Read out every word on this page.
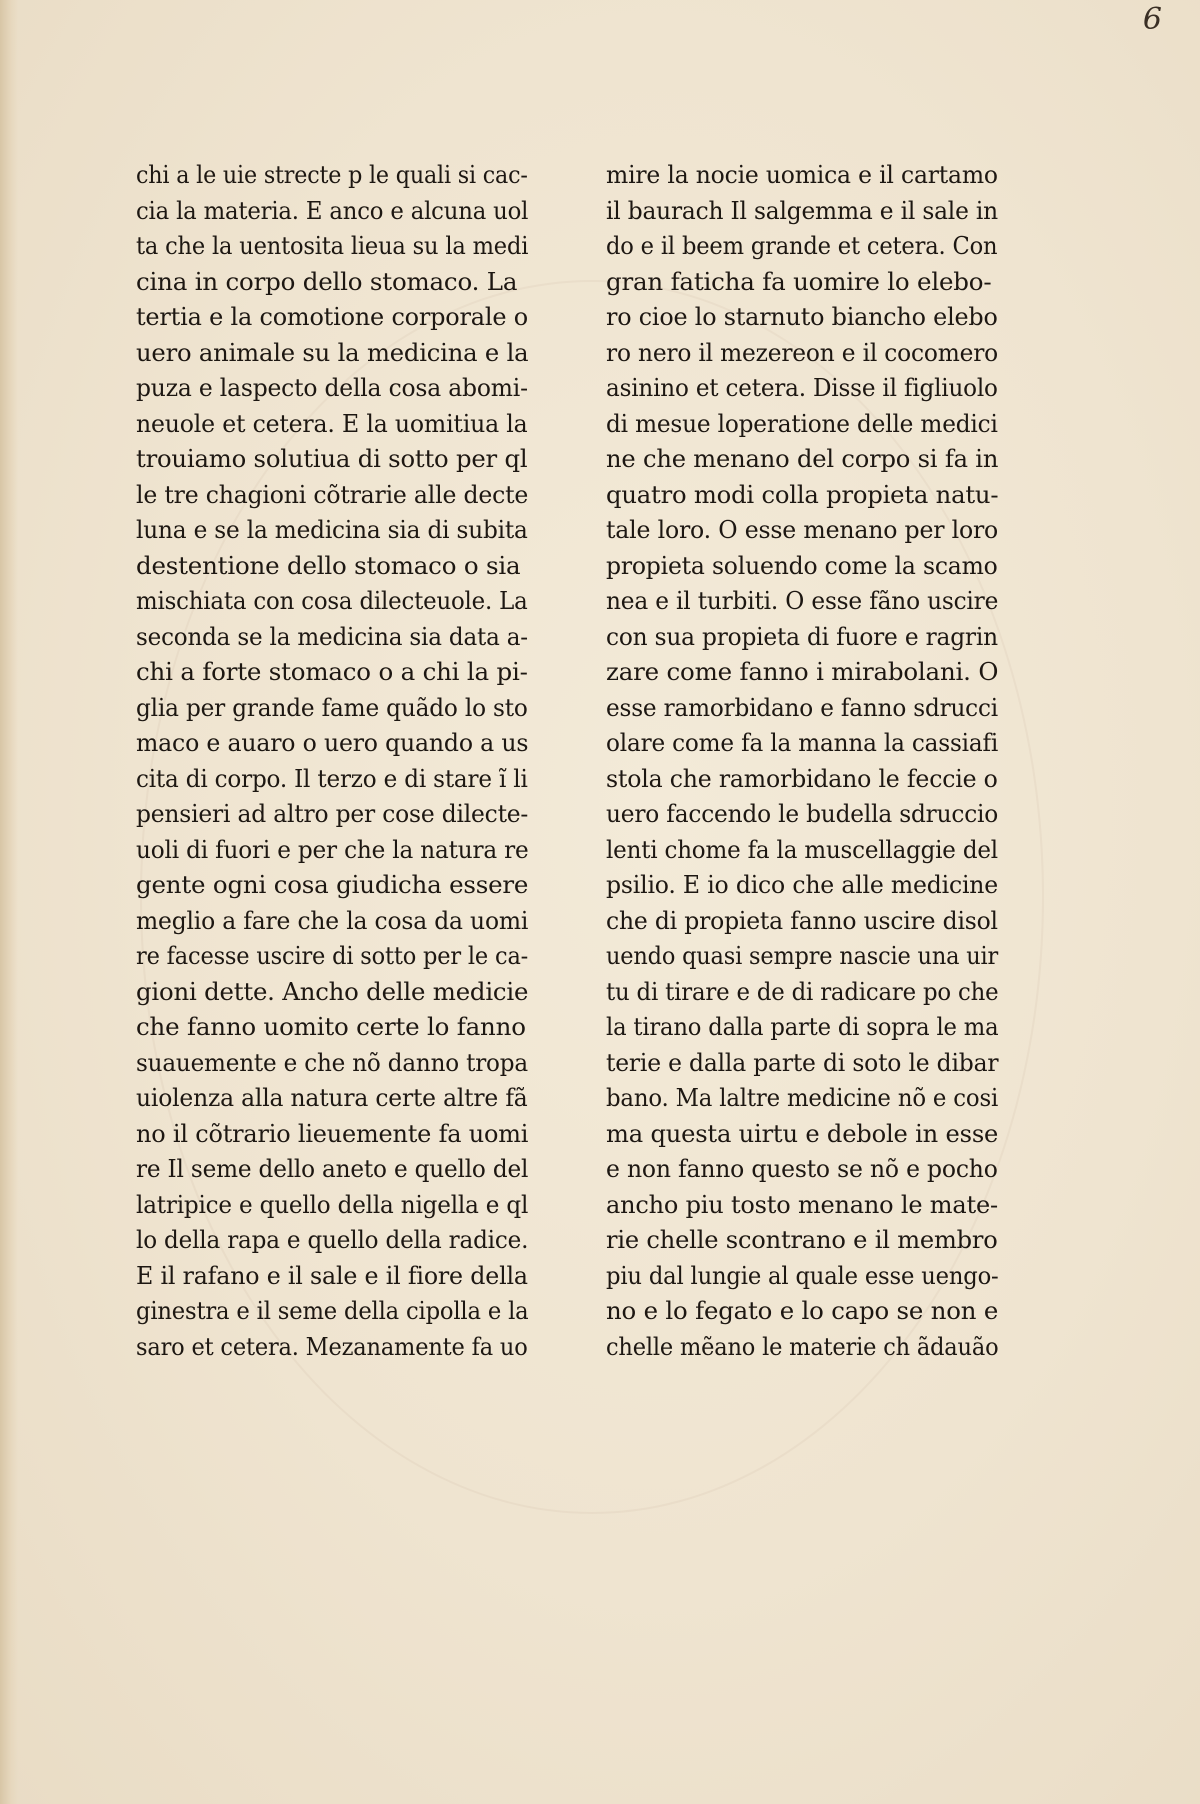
6
chi a le uie strecte p le quali si cac-
cia la materia. E anco e alcuna uol
ta che la uentosita lieua su la medi
cina in corpo dello stomaco. La
tertia e la comotione corporale o
uero animale su la medicina e la
puza e laspecto della cosa abomi-
neuole et cetera. E la uomitiua la
trouiamo solutiua di sotto per ql
le tre chagioni cõtrarie alle decte
luna e se la medicina sia di subita
destentione dello stomaco o sia
mischiata con cosa dilecteuole. La
seconda se la medicina sia data a-
chi a forte stomaco o a chi la pi-
glia per grande fame quãdo lo sto
maco e auaro o uero quando a us
cita di corpo. Il terzo e di stare ĩ li
pensieri ad altro per cose dilecte-
uoli di fuori e per che la natura re
gente ogni cosa giudicha essere
meglio a fare che la cosa da uomi
re facesse uscire di sotto per le ca-
gioni dette. Ancho delle medicie
che fanno uomito certe lo fanno
suauemente e che nõ danno tropa
uiolenza alla natura certe altre fã
no il cõtrario lieuemente fa uomi
re Il seme dello aneto e quello del
latripice e quello della nigella e ql
lo della rapa e quello della radice.
E il rafano e il sale e il fiore della
ginestra e il seme della cipolla e la
saro et cetera. Mezanamente fa uo
mire la nocie uomica e il cartamo
il baurach Il salgemma e il sale in
do e il beem grande et cetera. Con
gran faticha fa uomire lo elebo-
ro cioe lo starnuto biancho elebo
ro nero il mezereon e il cocomero
asinino et cetera. Disse il figliuolo
di mesue loperatione delle medici
ne che menano del corpo si fa in
quatro modi colla propieta natu-
tale loro. O esse menano per loro
propieta soluendo come la scamo
nea e il turbiti. O esse fãno uscire
con sua propieta di fuore e ragrin
zare come fanno i mirabolani. O
esse ramorbidano e fanno sdrucci
olare come fa la manna la cassiafi
stola che ramorbidano le feccie o
uero faccendo le budella sdruccio
lenti chome fa la muscellaggie del
psilio. E io dico che alle medicine
che di propieta fanno uscire disol
uendo quasi sempre nascie una uir
tu di tirare e de di radicare po che
la tirano dalla parte di sopra le ma
terie e dalla parte di soto le dibar
bano. Ma laltre medicine nõ e cosi
ma questa uirtu e debole in esse
e non fanno questo se nõ e pocho
ancho piu tosto menano le mate-
rie chelle scontrano e il membro
piu dal lungie al quale esse uengo-
no e lo fegato e lo capo se non e
chelle mẽano le materie ch ãdauão
